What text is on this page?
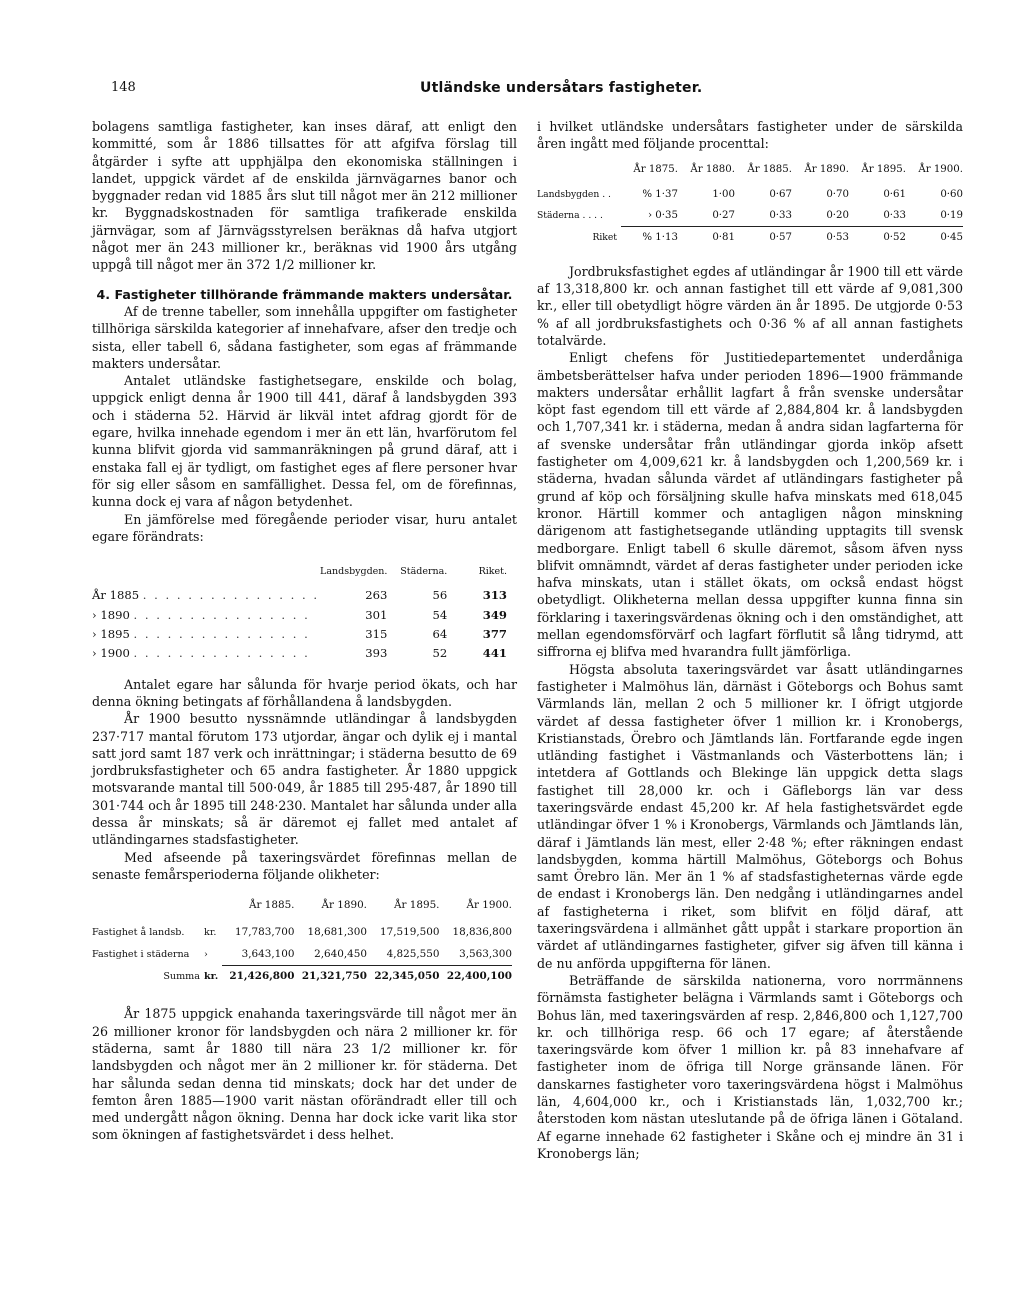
148	Utländske undersåtars fastigheter.

bolagens samtliga fastigheter, kan inses däraf, att enligt den kommitté, som år 1886 tillsattes för att afgifva förslag till åtgärder i syfte att upphjälpa den ekonomiska ställningen i landet, uppgick värdet af de enskilda järnvägarnes banor och byggnader redan vid 1885 års slut till något mer än 212 millioner kr. Byggnadskostnaden för samtliga trafikerade enskilda järnvägar, som af Järnvägsstyrelsen beräknas då hafva utgjort något mer än 243 millioner kr., beräknas vid 1900 års utgång uppgå till något mer än 372 1/2 millioner kr.

4. Fastigheter tillhörande främmande makters undersåtar.

Af de trenne tabeller, som innehålla uppgifter om fastigheter tillhöriga särskilda kategorier af innehafvare, afser den tredje och sista, eller tabell 6, sådana fastigheter, som egas af främmande makters undersåtar.

Antalet utländske fastighetsegare, enskilde och bolag, uppgick enligt denna år 1900 till 441, däraf å landsbygden 393 och i städerna 52. Härvid är likväl intet afdrag gjordt för de egare, hvilka innehade egendom i mer än ett län, hvarförutom fel kunna blifvit gjorda vid sammanräkningen på grund däraf, att i enstaka fall ej är tydligt, om fastighet eges af flere personer hvar för sig eller såsom en samfällighet. Dessa fel, om de förefinnas, kunna dock ej vara af någon betydenhet.

En jämförelse med föregående perioder visar, huru antalet egare förändrats:

	Landsbygden.	Städerna.	Riket.
År 1885 . . . . . . . . . . . . . . . .	263	56	313
› 1890 . . . . . . . . . . . . . . . .	301	54	349
› 1895 . . . . . . . . . . . . . . . .	315	64	377
› 1900 . . . . . . . . . . . . . . . .	393	52	441

Antalet egare har sålunda för hvarje period ökats, och har denna ökning betingats af förhållandena å landsbygden.

År 1900 besutto nyssnämnde utländingar å landsbygden 237·717 mantal förutom 173 utjordar, ängar och dylik ej i mantal satt jord samt 187 verk och inrättningar; i städerna besutto de 69 jordbruksfastigheter och 65 andra fastigheter. År 1880 uppgick motsvarande mantal till 500·049, år 1885 till 295·487, år 1890 till 301·744 och år 1895 till 248·230. Mantalet har sålunda under alla dessa år minskats; så är däremot ej fallet med antalet af utländingarnes stadsfastigheter.

Med afseende på taxeringsvärdet förefinnas mellan de senaste femårsperioderna följande olikheter:

		År 1885.	År 1890.	År 1895.	År 1900.
Fastighet å landsb.	kr.	17,783,700	18,681,300	17,519,500	18,836,800
Fastighet i städerna	›	3,643,100	2,640,450	4,825,550	3,563,300
Summa	kr.	21,426,800	21,321,750	22,345,050	22,400,100

År 1875 uppgick enahanda taxeringsvärde till något mer än 26 millioner kronor för landsbygden och nära 2 millioner kr. för städerna, samt år 1880 till nära 23 1/2 millioner kr. för landsbygden och något mer än 2 millioner kr. för städerna. Det har sålunda sedan denna tid minskats; dock har det under de femton åren 1885—1900 varit nästan oförändradt eller till och med undergått någon ökning. Denna har dock icke varit lika stor som ökningen af fastighetsvärdet i dess helhet.

i hvilket utländske undersåtars fastigheter under de särskilda åren ingått med följande procenttal:

	År 1875.	År 1880.	År 1885.	År 1890.	År 1895.	År 1900.
Landsbygden . .	% 1·37	1·00	0·67	0·70	0·61	0·60
Städerna . . . .	› 0·35	0·27	0·33	0·20	0·33	0·19
Riket	% 1·13	0·81	0·57	0·53	0·52	0·45

Jordbruksfastighet egdes af utländingar år 1900 till ett värde af 13,318,800 kr. och annan fastighet till ett värde af 9,081,300 kr., eller till obetydligt högre värden än år 1895. De utgjorde 0·53 % af all jordbruksfastighets och 0·36 % af all annan fastighets totalvärde.

Enligt chefens för Justitiedepartementet underdåniga ämbetsberättelser hafva under perioden 1896—1900 främmande makters undersåtar erhållit lagfart å från svenske undersåtar köpt fast egendom till ett värde af 2,884,804 kr. å landsbygden och 1,707,341 kr. i städerna, medan å andra sidan lagfarterna för af svenske undersåtar från utländingar gjorda inköp afsett fastigheter om 4,009,621 kr. å landsbygden och 1,200,569 kr. i städerna, hvadan sålunda värdet af utländingars fastigheter på grund af köp och försäljning skulle hafva minskats med 618,045 kronor. Härtill kommer och antagligen någon minskning därigenom att fastighetsegande utländing upptagits till svensk medborgare. Enligt tabell 6 skulle däremot, såsom äfven nyss blifvit omnämndt, värdet af deras fastigheter under perioden icke hafva minskats, utan i stället ökats, om också endast högst obetydligt. Olikheterna mellan dessa uppgifter kunna finna sin förklaring i taxeringsvärdenas ökning och i den omständighet, att mellan egendomsförvärf och lagfart förflutit så lång tidrymd, att siffrorna ej blifva med hvarandra fullt jämförliga.

Högsta absoluta taxeringsvärdet var åsatt utländingarnes fastigheter i Malmöhus län, därnäst i Göteborgs och Bohus samt Värmlands län, mellan 2 och 5 millioner kr. I öfrigt utgjorde värdet af dessa fastigheter öfver 1 million kr. i Kronobergs, Kristianstads, Örebro och Jämtlands län. Fortfarande egde ingen utländing fastighet i Västmanlands och Västerbottens län; i intetdera af Gottlands och Blekinge län uppgick detta slags fastighet till 28,000 kr. och i Gäfleborgs län var dess taxeringsvärde endast 45,200 kr. Af hela fastighetsvärdet egde utländingar öfver 1 % i Kronobergs, Värmlands och Jämtlands län, däraf i Jämtlands län mest, eller 2·48 %; efter räkningen endast landsbygden, komma härtill Malmöhus, Göteborgs och Bohus samt Örebro län. Mer än 1 % af stadsfastigheternas värde egde de endast i Kronobergs län. Den nedgång i utländingarnes andel af fastigheterna i riket, som blifvit en följd däraf, att taxeringsvärdena i allmänhet gått uppåt i starkare proportion än värdet af utländingarnes fastigheter, gifver sig äfven till känna i de nu anförda uppgifterna för länen.

Beträffande de särskilda nationerna, voro norrmännens förnämsta fastigheter belägna i Värmlands samt i Göteborgs och Bohus län, med taxeringsvärden af resp. 2,846,800 och 1,127,700 kr. och tillhöriga resp. 66 och 17 egare; af återstående taxeringsvärde kom öfver 1 million kr. på 83 innehafvare af fastigheter inom de öfriga till Norge gränsande länen. För danskarnes fastigheter voro taxeringsvärdena högst i Malmöhus län, 4,604,000 kr., och i Kristianstads län, 1,032,700 kr.; återstoden kom nästan uteslutande på de öfriga länen i Götaland. Af egarne innehade 62 fastigheter i Skåne och ej mindre än 31 i Kronobergs län;
